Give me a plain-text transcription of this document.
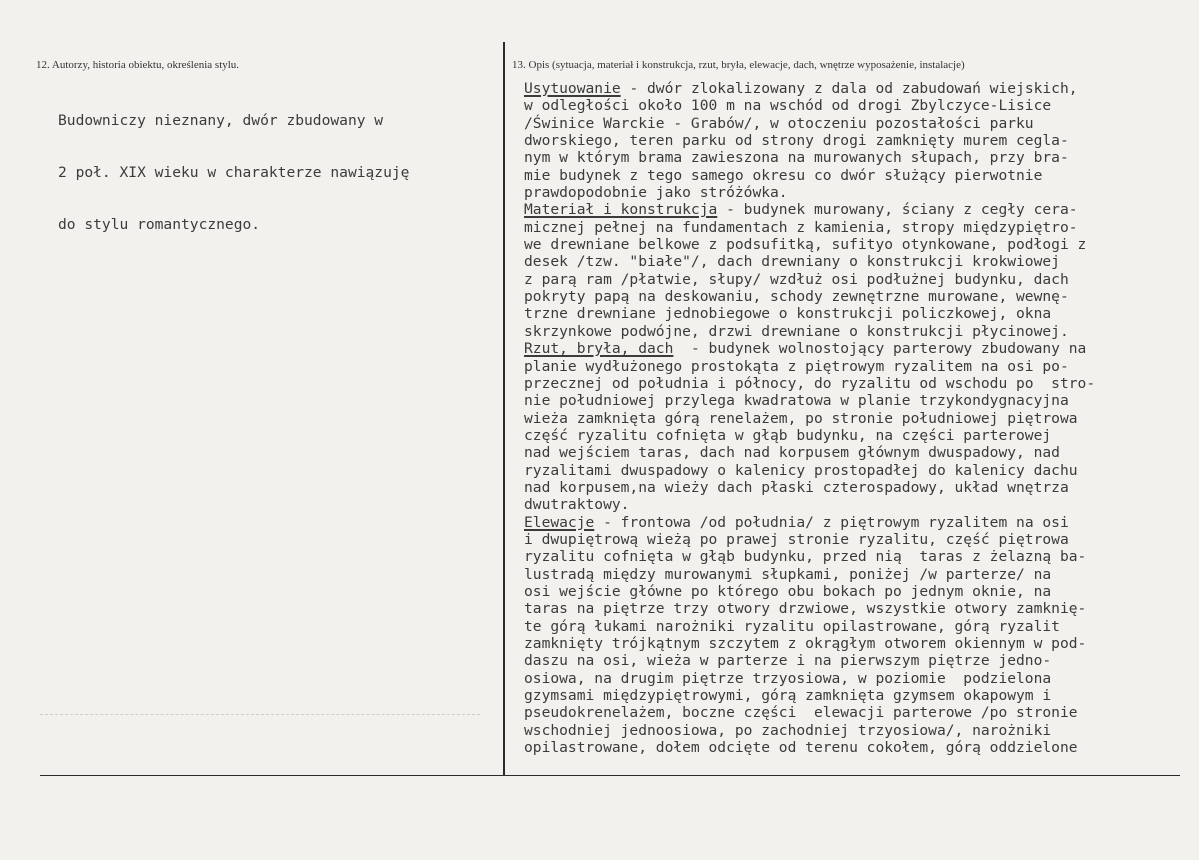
12. Autorzy, historia obiektu, określenia stylu.	13. Opis (sytuacja, materiał i konstrukcja, rzut, bryła, elewacje, dach, wnętrze wyposażenie, instalacje)

Budowniczy nieznany, dwór zbudowany w

2 poł. XIX wieku w charakterze nawiązuję

do stylu romantycznego.

Usytuowanie - dwór zlokalizowany z dala od zabudowań wiejskich,
w odległości około 100 m na wschód od drogi Zbylczyce-Lisice
/Świnice Warckie - Grabów/, w otoczeniu pozostałości parku
dworskiego, teren parku od strony drogi zamknięty murem cegla-
nym w którym brama zawieszona na murowanych słupach, przy bra-
mie budynek z tego samego okresu co dwór służący pierwotnie
prawdopodobnie jako stróżówka.
Materiał i konstrukcja - budynek murowany, ściany z cegły cera-
micznej pełnej na fundamentach z kamienia, stropy międzypiętro-
we drewniane belkowe z podsufitką, sufityo otynkowane, podłogi z
desek /tzw. "białe"/, dach drewniany o konstrukcji krokwiowej
z parą ram /płatwie, słupy/ wzdłuż osi podłużnej budynku, dach
pokryty papą na deskowaniu, schody zewnętrzne murowane, wewnę-
trzne drewniane jednobiegowe o konstrukcji policzkowej, okna
skrzynkowe podwójne, drzwi drewniane o konstrukcji płycinowej.
Rzut, bryła, dach  - budynek wolnostojący parterowy zbudowany na
planie wydłużonego prostokąta z piętrowym ryzalitem na osi po-
przecznej od południa i północy, do ryzalitu od wschodu po  stro-
nie południowej przylega kwadratowa w planie trzykondygnacyjna
wieża zamknięta górą renelażem, po stronie południowej piętrowa
część ryzalitu cofnięta w głąb budynku, na części parterowej
nad wejściem taras, dach nad korpusem głównym dwuspadowy, nad
ryzalitami dwuspadowy o kalenicy prostopadłej do kalenicy dachu
nad korpusem,na wieży dach płaski czterospadowy, układ wnętrza
dwutraktowy.
Elewacje - frontowa /od południa/ z piętrowym ryzalitem na osi
i dwupiętrową wieżą po prawej stronie ryzalitu, część piętrowa
ryzalitu cofnięta w głąb budynku, przed nią  taras z żelazną ba-
lustradą między murowanymi słupkami, poniżej /w parterze/ na
osi wejście główne po którego obu bokach po jednym oknie, na
taras na piętrze trzy otwory drzwiowe, wszystkie otwory zamknię-
te górą łukami narożniki ryzalitu opilastrowane, górą ryzalit
zamknięty trójkątnym szczytem z okrągłym otworem okiennym w pod-
daszu na osi, wieża w parterze i na pierwszym piętrze jedno-
osiowa, na drugim piętrze trzyosiowa, w poziomie  podzielona
gzymsami międzypiętrowymi, górą zamknięta gzymsem okapowym i
pseudokrenelażem, boczne części  elewacji parterowe /po stronie
wschodniej jednoosiowa, po zachodniej trzyosiowa/, narożniki
opilastrowane, dołem odcięte od terenu cokołem, górą oddzielone
